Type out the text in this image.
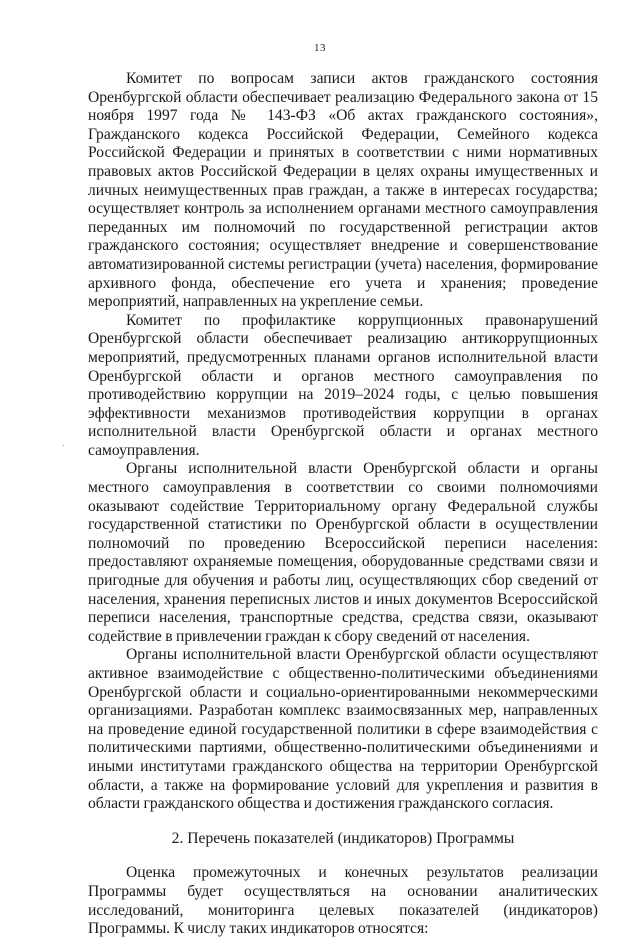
13
.

Комитет по вопросам записи актов гражданского состояния Оренбургской области обеспечивает реализацию Федерального закона от 15 ноября 1997 года № 143-ФЗ «Об актах гражданского состояния», Гражданского кодекса Российской Федерации, Семейного кодекса Российской Федерации и принятых в соответствии с ними нормативных правовых актов Российской Федерации в целях охраны имущественных и личных неимущественных прав граждан, а также в интересах государства; осуществляет контроль за исполнением органами местного самоуправления переданных им полномочий по государственной регистрации актов гражданского состояния; осуществляет внедрение и совершенствование автоматизированной системы регистрации (учета) населения, формирование архивного фонда, обеспечение его учета и хранения; проведение мероприятий, направленных на укрепление семьи.

Комитет по профилактике коррупционных правонарушений Оренбургской области обеспечивает реализацию антикоррупционных мероприятий, предусмотренных планами органов исполнительной власти Оренбургской области и органов местного самоуправления по противодействию коррупции на 2019–2024 годы, с целью повышения эффективности механизмов противодействия коррупции в органах исполнительной власти Оренбургской области и органах местного самоуправления.

Органы исполнительной власти Оренбургской области и органы местного самоуправления в соответствии со своими полномочиями оказывают содействие Территориальному органу Федеральной службы государственной статистики по Оренбургской области в осуществлении полномочий по проведению Всероссийской переписи населения: предоставляют охраняемые помещения, оборудованные средствами связи и пригодные для обучения и работы лиц, осуществляющих сбор сведений от населения, хранения переписных листов и иных документов Всероссийской переписи населения, транспортные средства, средства связи, оказывают содействие в привлечении граждан к сбору сведений от населения.

Органы исполнительной власти Оренбургской области осуществляют активное взаимодействие с общественно-политическими объединениями Оренбургской области и социально-ориентированными некоммерческими организациями. Разработан комплекс взаимосвязанных мер, направленных на проведение единой государственной политики в сфере взаимодействия с политическими партиями, общественно-политическими объединениями и иными институтами гражданского общества на территории Оренбургской области, а также на формирование условий для укрепления и развития в области гражданского общества и достижения гражданского согласия.

2. Перечень показателей (индикаторов) Программы

Оценка промежуточных и конечных результатов реализации Программы будет осуществляться на основании аналитических исследований, мониторинга целевых показателей (индикаторов) Программы. К числу таких индикаторов относятся:
